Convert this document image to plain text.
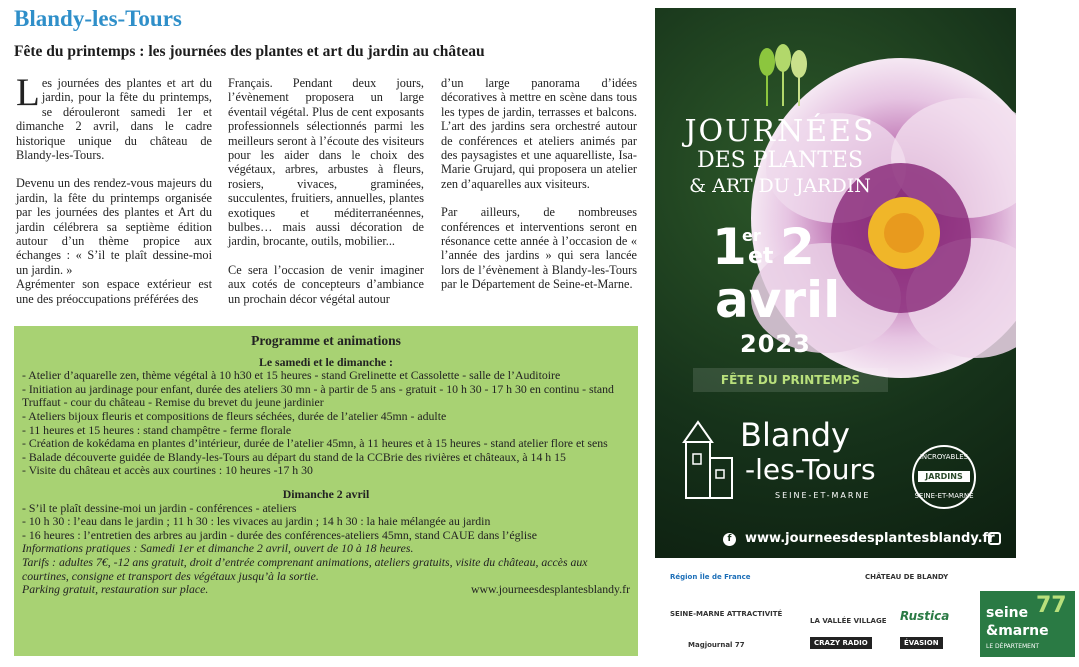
Blandy-les-Tours
Fête du printemps : les journées des plantes et art du jardin au château

Les journées des plantes et art du jardin, pour la fête du printemps, se dérouleront samedi 1er et dimanche 2 avril, dans le cadre historique unique du château de Blandy-les-Tours.

Devenu un des rendez-vous majeurs du jardin, la fête du printemps organisée par les journées des plantes et Art du jardin célébrera sa septième édition autour d’un thème propice aux échanges : « S’il te plaît dessine-moi un jardin. »

Agrémenter son espace extérieur est une des préoccupations préférées des

Français. Pendant deux jours, l’évènement proposera un large éventail végétal. Plus de cent exposants professionnels sélectionnés parmi les meilleurs seront à l’écoute des visiteurs pour les aider dans le choix des végétaux, arbres, arbustes à fleurs, rosiers, vivaces, graminées, succulentes, fruitiers, annuelles, plantes exotiques et méditerranéennes, bulbes… mais aussi décoration de jardin, brocante, outils, mobilier...

Ce sera l’occasion de venir imaginer aux cotés de concepteurs d’ambiance un prochain décor végétal autour

d’un large panorama d’idées décoratives à mettre en scène dans tous les types de jardin, terrasses et balcons. L’art des jardins sera orchestré autour de conférences et ateliers animés par des paysagistes et une aquarelliste, Isa-Marie Grujard, qui proposera un atelier zen d’aquarelles aux visiteurs.

Par ailleurs, de nombreuses conférences et interventions seront en résonance cette année à l’occasion de « l’année des jardins » qui sera lancée lors de l’évènement à Blandy-les-Tours par le Département de Seine-et-Marne.

Programme et animations
Le samedi et le dimanche :
- Atelier d’aquarelle zen, thème végétal à 10 h30 et 15 heures - stand Grelinette et Cassolette - salle de l’Auditoire
- Initiation au jardinage pour enfant, durée des ateliers 30 mn - à partir de 5 ans - gratuit - 10 h 30 - 17 h 30 en continu - stand Truffaut - cour du château - Remise du brevet du jeune jardinier
- Ateliers bijoux fleuris et compositions de fleurs séchées, durée de l’atelier 45mn - adulte
- 11 heures et 15 heures : stand champêtre - ferme florale
- Création de kokédama en plantes d’intérieur, durée de l’atelier 45mn, à 11 heures et à 15 heures - stand atelier flore et sens
- Balade découverte guidée de Blandy-les-Tours au départ du stand de la CCBrie des rivières et châteaux, à 14 h 15
- Visite du château et accès aux courtines : 10 heures -17 h 30
Dimanche 2 avril
- S’il te plaît dessine-moi un jardin - conférences - ateliers
- 10 h 30 : l’eau dans le jardin ; 11 h 30 : les vivaces au jardin ; 14 h 30 : la haie mélangée au jardin
- 16 heures : l’entretien des arbres au jardin - durée des conférences-ateliers 45mn, stand CAUE dans l’église
Informations pratiques : Samedi 1er et dimanche 2 avril, ouvert de 10 à 18 heures.
Tarifs : adultes 7€, -12 ans gratuit, droit d’entrée comprenant animations, ateliers gratuits, visite du château, accès aux courtines, consigne et transport des végétaux jusqu’à la sortie.
Parking gratuit, restauration sur place.	www.journeesdesplantesblandy.fr
JOURNÉES
DES PLANTES
& ART DU JARDIN
1
er
et 2
avril
2023
FÊTE DU PRINTEMPS
Blandy
-les-Tours
SEINE-ET-MARNE
INCROYABLES
JARDINS
SEINE-ET-MARNE
f	www.journeesdesplantesblandy.fr
Région Île de France	CHÂTEAU DE BLANDY
SEINE-MARNE ATTRACTIVITÉ
LA VALLÉE VILLAGE Rustica
Magjournal 77	CRAZY RADIO	ÉVASION
seine
&marne
LE DÉPARTEMENT
77
